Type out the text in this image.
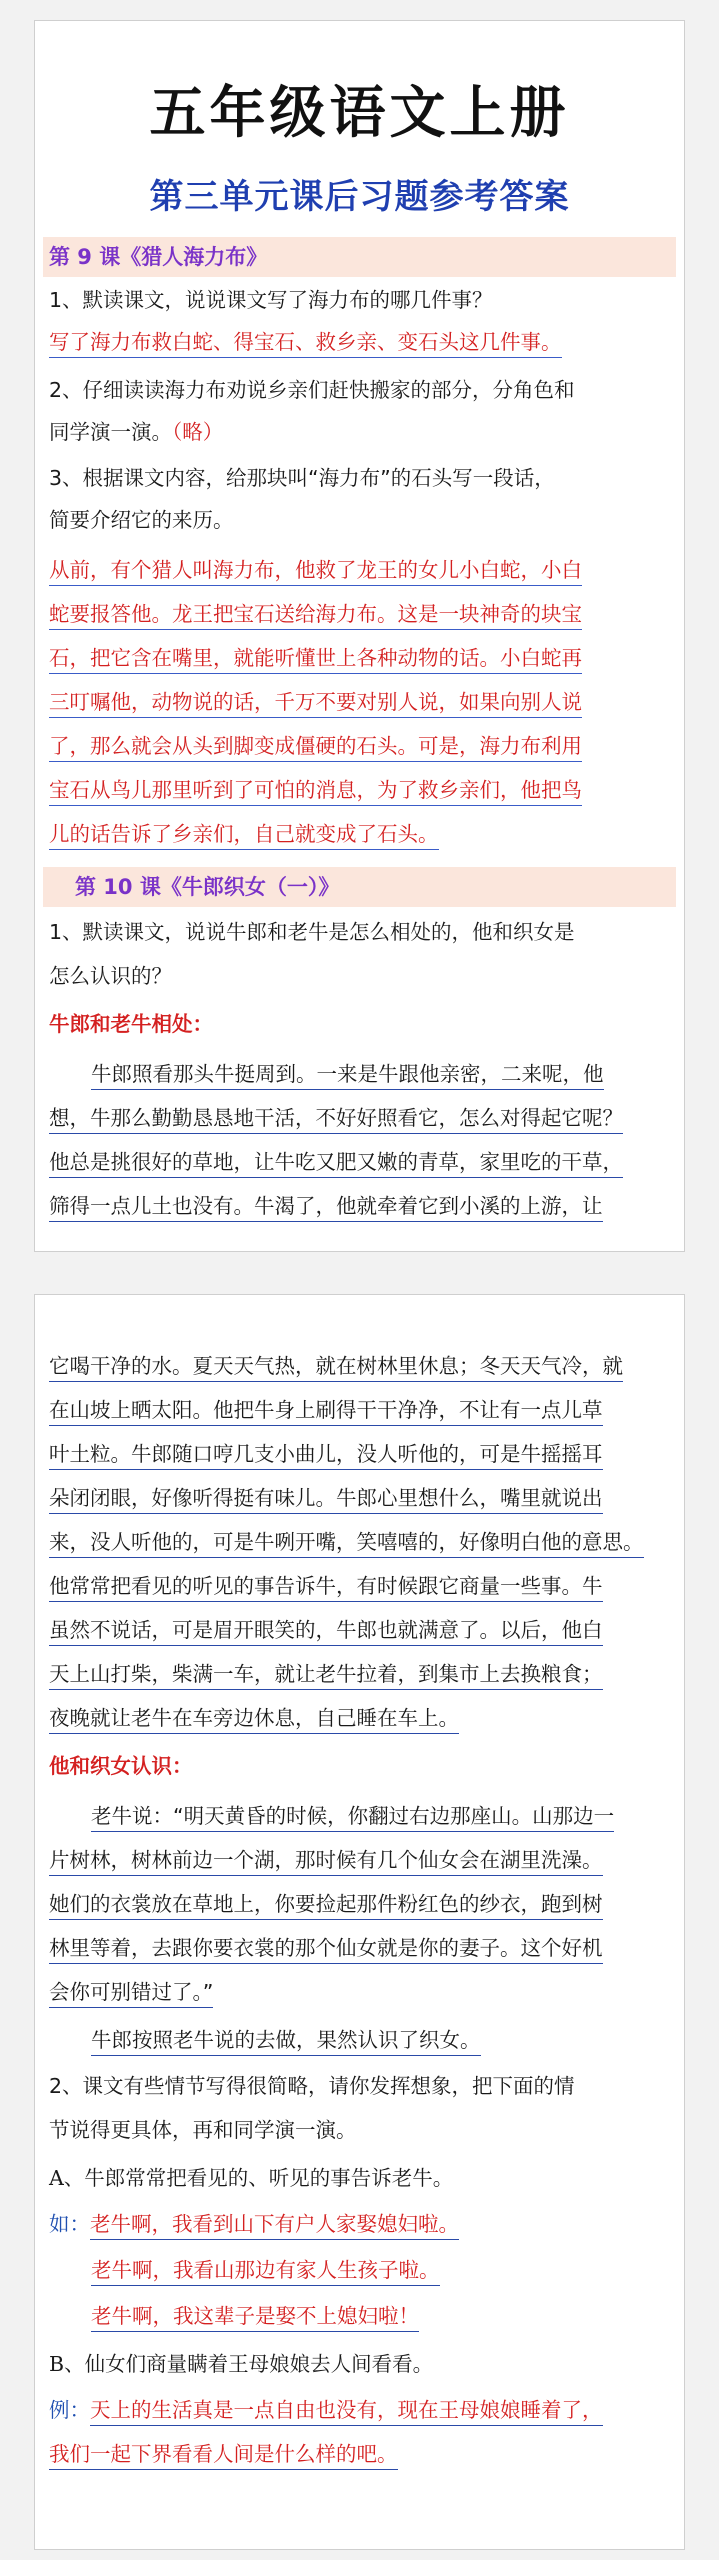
五年级语文上册
第三单元课后习题参考答案
第 9 课《猎人海力布》
1、默读课文，说说课文写了海力布的哪几件事？
写了海力布救白蛇、得宝石、救乡亲、变石头这几件事。
2、仔细读读海力布劝说乡亲们赶快搬家的部分，分角色和
同学演一演。（略）
3、根据课文内容，给那块叫“海力布”的石头写一段话，
简要介绍它的来历。
从前，有个猎人叫海力布，他救了龙王的女儿小白蛇，小白
蛇要报答他。龙王把宝石送给海力布。这是一块神奇的块宝
石，把它含在嘴里，就能听懂世上各种动物的话。小白蛇再
三叮嘱他，动物说的话，千万不要对别人说，如果向别人说
了，那么就会从头到脚变成僵硬的石头。可是，海力布利用
宝石从鸟儿那里听到了可怕的消息，为了救乡亲们，他把鸟
儿的话告诉了乡亲们，自己就变成了石头。
第 10 课《牛郎织女（一）》
1、默读课文，说说牛郎和老牛是怎么相处的，他和织女是
怎么认识的？
牛郎和老牛相处：
牛郎照看那头牛挺周到。一来是牛跟他亲密，二来呢，他
想，牛那么勤勤恳恳地干活，不好好照看它，怎么对得起它呢？
他总是挑很好的草地，让牛吃又肥又嫩的青草，家里吃的干草，
筛得一点儿土也没有。牛渴了，他就牵着它到小溪的上游，让
它喝干净的水。夏天天气热，就在树林里休息；冬天天气冷，就
在山坡上晒太阳。他把牛身上刷得干干净净，不让有一点儿草
叶土粒。牛郎随口哼几支小曲儿，没人听他的，可是牛摇摇耳
朵闭闭眼，好像听得挺有味儿。牛郎心里想什么，嘴里就说出
来，没人听他的，可是牛咧开嘴，笑嘻嘻的，好像明白他的意思。
他常常把看见的听见的事告诉牛，有时候跟它商量一些事。牛
虽然不说话，可是眉开眼笑的，牛郎也就满意了。以后，他白
天上山打柴，柴满一车，就让老牛拉着，到集市上去换粮食；
夜晚就让老牛在车旁边休息，自己睡在车上。
他和织女认识：
老牛说：“明天黄昏的时候，你翻过右边那座山。山那边一
片树林，树林前边一个湖，那时候有几个仙女会在湖里洗澡。
她们的衣裳放在草地上，你要捡起那件粉红色的纱衣，跑到树
林里等着，去跟你要衣裳的那个仙女就是你的妻子。这个好机
会你可别错过了。”
牛郎按照老牛说的去做，果然认识了织女。
2、课文有些情节写得很简略，请你发挥想象，把下面的情
节说得更具体，再和同学演一演。
A、牛郎常常把看见的、听见的事告诉老牛。
如：老牛啊，我看到山下有户人家娶媳妇啦。
老牛啊，我看山那边有家人生孩子啦。
老牛啊，我这辈子是娶不上媳妇啦！
B、仙女们商量瞒着王母娘娘去人间看看。
例：天上的生活真是一点自由也没有，现在王母娘娘睡着了，
我们一起下界看看人间是什么样的吧。
